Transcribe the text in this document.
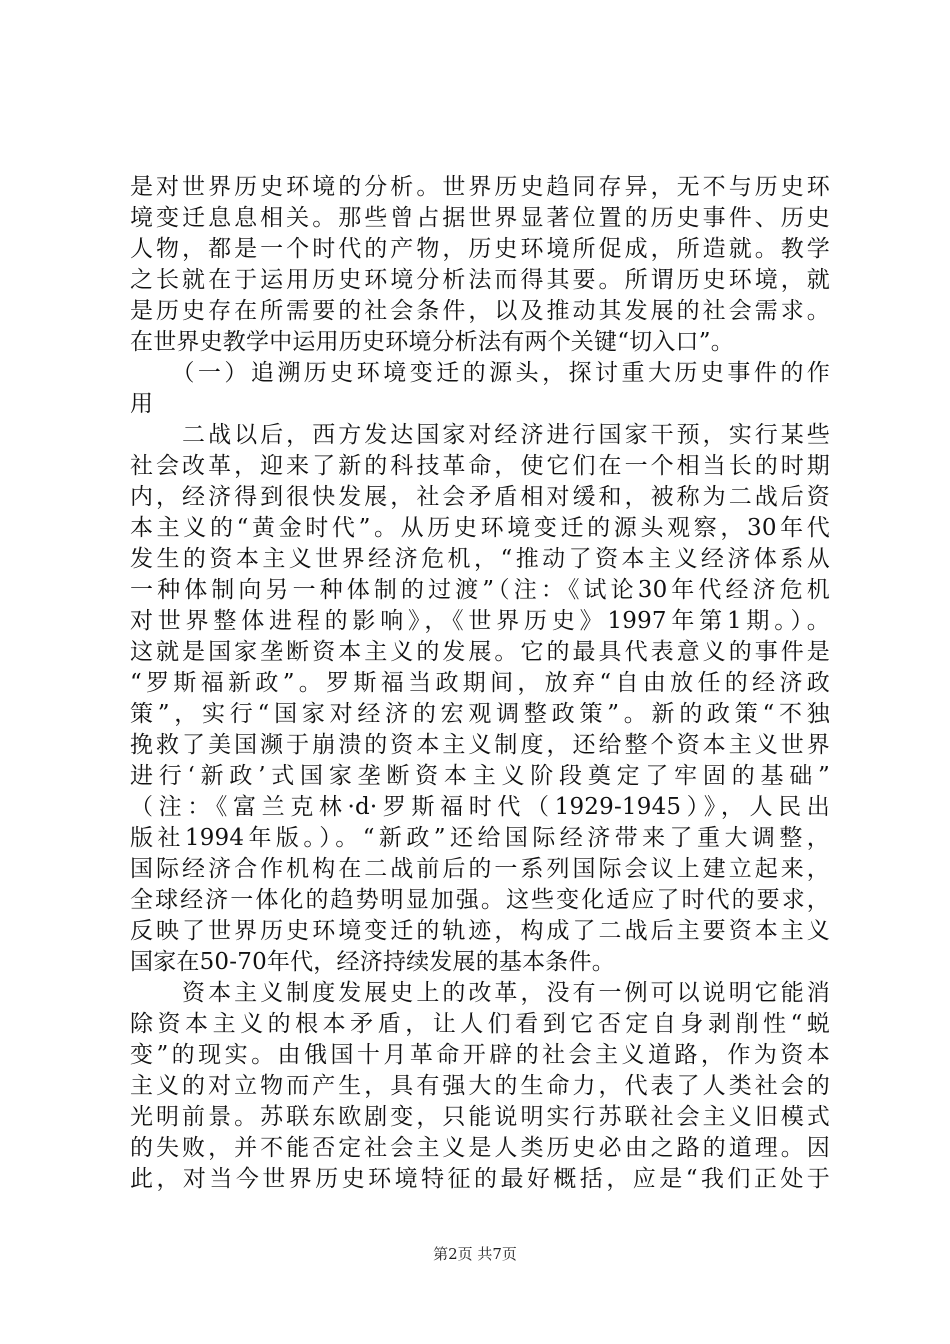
是对世界历史环境的分析。世界历史趋同存异，无不与历史环
境变迁息息相关。那些曾占据世界显著位置的历史事件、历史
人物，都是一个时代的产物，历史环境所促成，所造就。教学
之长就在于运用历史环境分析法而得其要。所谓历史环境，就
是历史存在所需要的社会条件，以及推动其发展的社会需求。
在世界史教学中运用历史环境分析法有两个关键“切入口”。
　　（一）追溯历史环境变迁的源头，探讨重大历史事件的作
用
　　二战以后，西方发达国家对经济进行国家干预，实行某些
社会改革，迎来了新的科技革命，使它们在一个相当长的时期
内，经济得到很快发展，社会矛盾相对缓和，被称为二战后资
本主义的“黄金时代”。从历史环境变迁的源头观察，30年代
发生的资本主义世界经济危机，“推动了资本主义经济体系从
一种体制向另一种体制的过渡”（注：《试论30年代经济危机
对世界整体进程的影响》，《世界历史》1997年第1期。）。
这就是国家垄断资本主义的发展。它的最具代表意义的事件是
“罗斯福新政”。罗斯福当政期间，放弃“自由放任的经济政
策”，实行“国家对经济的宏观调整政策”。新的政策“不独
挽救了美国濒于崩溃的资本主义制度，还给整个资本主义世界
进行‘新政’式国家垄断资本主义阶段奠定了牢固的基础”
（注：《富兰克林·d·罗斯福时代（1929-1945）》，人民出
版社1994年版。）。“新政”还给国际经济带来了重大调整，
国际经济合作机构在二战前后的一系列国际会议上建立起来，
全球经济一体化的趋势明显加强。这些变化适应了时代的要求，
反映了世界历史环境变迁的轨迹，构成了二战后主要资本主义
国家在50-70年代，经济持续发展的基本条件。
　　资本主义制度发展史上的改革，没有一例可以说明它能消
除资本主义的根本矛盾，让人们看到它否定自身剥削性“蜕
变”的现实。由俄国十月革命开辟的社会主义道路，作为资本
主义的对立物而产生，具有强大的生命力，代表了人类社会的
光明前景。苏联东欧剧变，只能说明实行苏联社会主义旧模式
的失败，并不能否定社会主义是人类历史必由之路的道理。因
此，对当今世界历史环境特征的最好概括，应是“我们正处于
第2页 共7页
